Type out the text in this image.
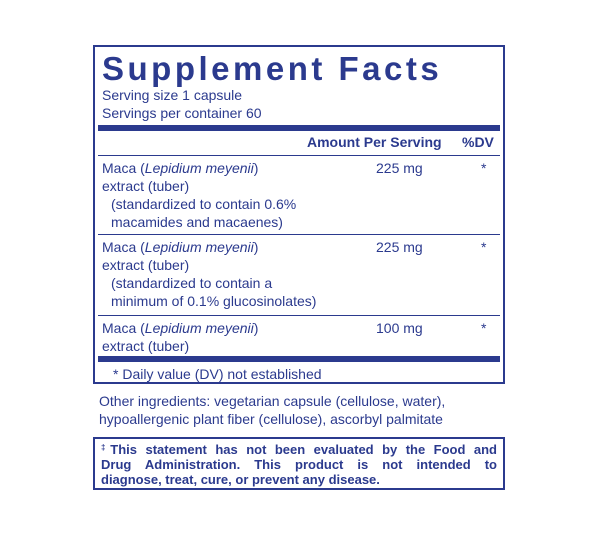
Supplement Facts
Serving size 1 capsule
Servings per container 60
Amount Per Serving %DV
Maca (Lepidium meyenii)
extract (tuber)
(standardized to contain 0.6%
macamides and macaenes)
225 mg	*
Maca (Lepidium meyenii)
extract (tuber)
(standardized to contain a
minimum of 0.1% glucosinolates)
225 mg	*
Maca (Lepidium meyenii)
extract (tuber)
100 mg	*
* Daily value (DV) not established
Other ingredients: vegetarian capsule (cellulose, water),
hypoallergenic plant fiber (cellulose), ascorbyl palmitate
‡This statement has not been evaluated by the Food and
Drug Administration. This product is not intended to
diagnose, treat, cure, or prevent any disease.
